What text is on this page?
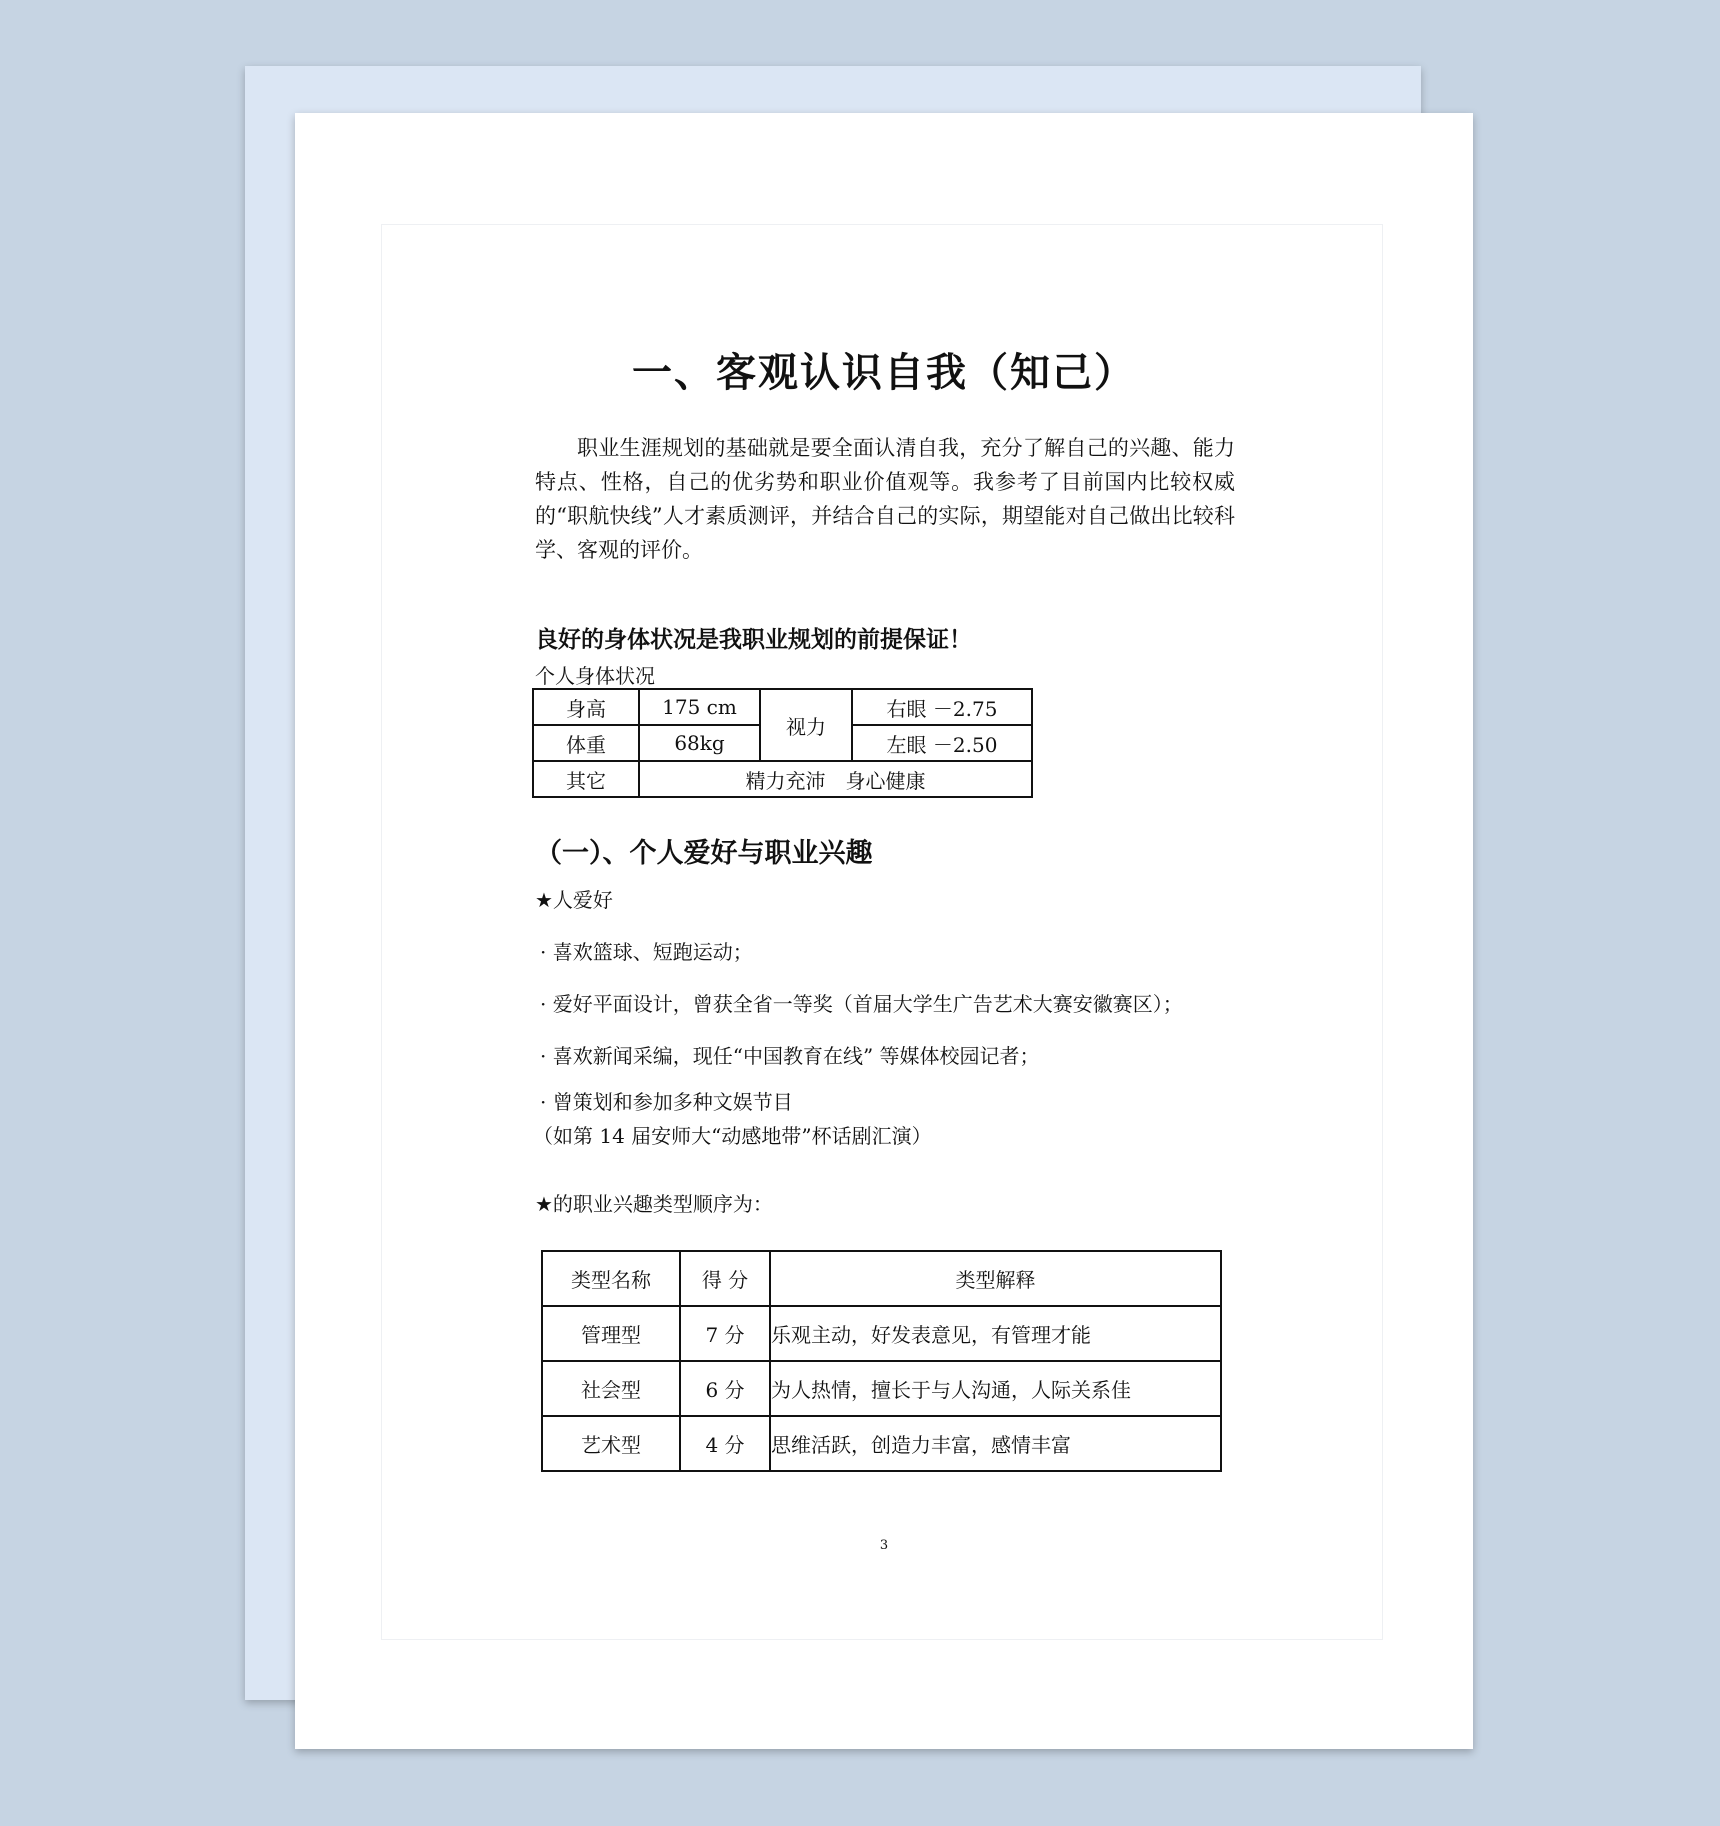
一、客观认识自我（知己）
职业生涯规划的基础就是要全面认清自我，充分了解自己的兴趣、能力特点、性格，自己的优劣势和职业价值观等。我参考了目前国内比较权威的“职航快线”人才素质测评，并结合自己的实际，期望能对自己做出比较科学、客观的评价。
良好的身体状况是我职业规划的前提保证！
个人身体状况
身高	175 cm	视力	右眼 －2.75
体重	68kg		左眼 －2.50
其它	精力充沛　身心健康		
（一）、个人爱好与职业兴趣
★人爱好
· 喜欢篮球、短跑运动；
· 爱好平面设计，曾获全省一等奖（首届大学生广告艺术大赛安徽赛区）；
· 喜欢新闻采编，现任“中国教育在线” 等媒体校园记者；
· 曾策划和参加多种文娱节目
（如第 14 届安师大“动感地带”杯话剧汇演）
★的职业兴趣类型顺序为：
类型名称	得 分	类型解释
管理型	7 分	乐观主动，好发表意见，有管理才能
社会型	6 分	为人热情，擅长于与人沟通，人际关系佳
艺术型	4 分	思维活跃，创造力丰富，感情丰富
3
